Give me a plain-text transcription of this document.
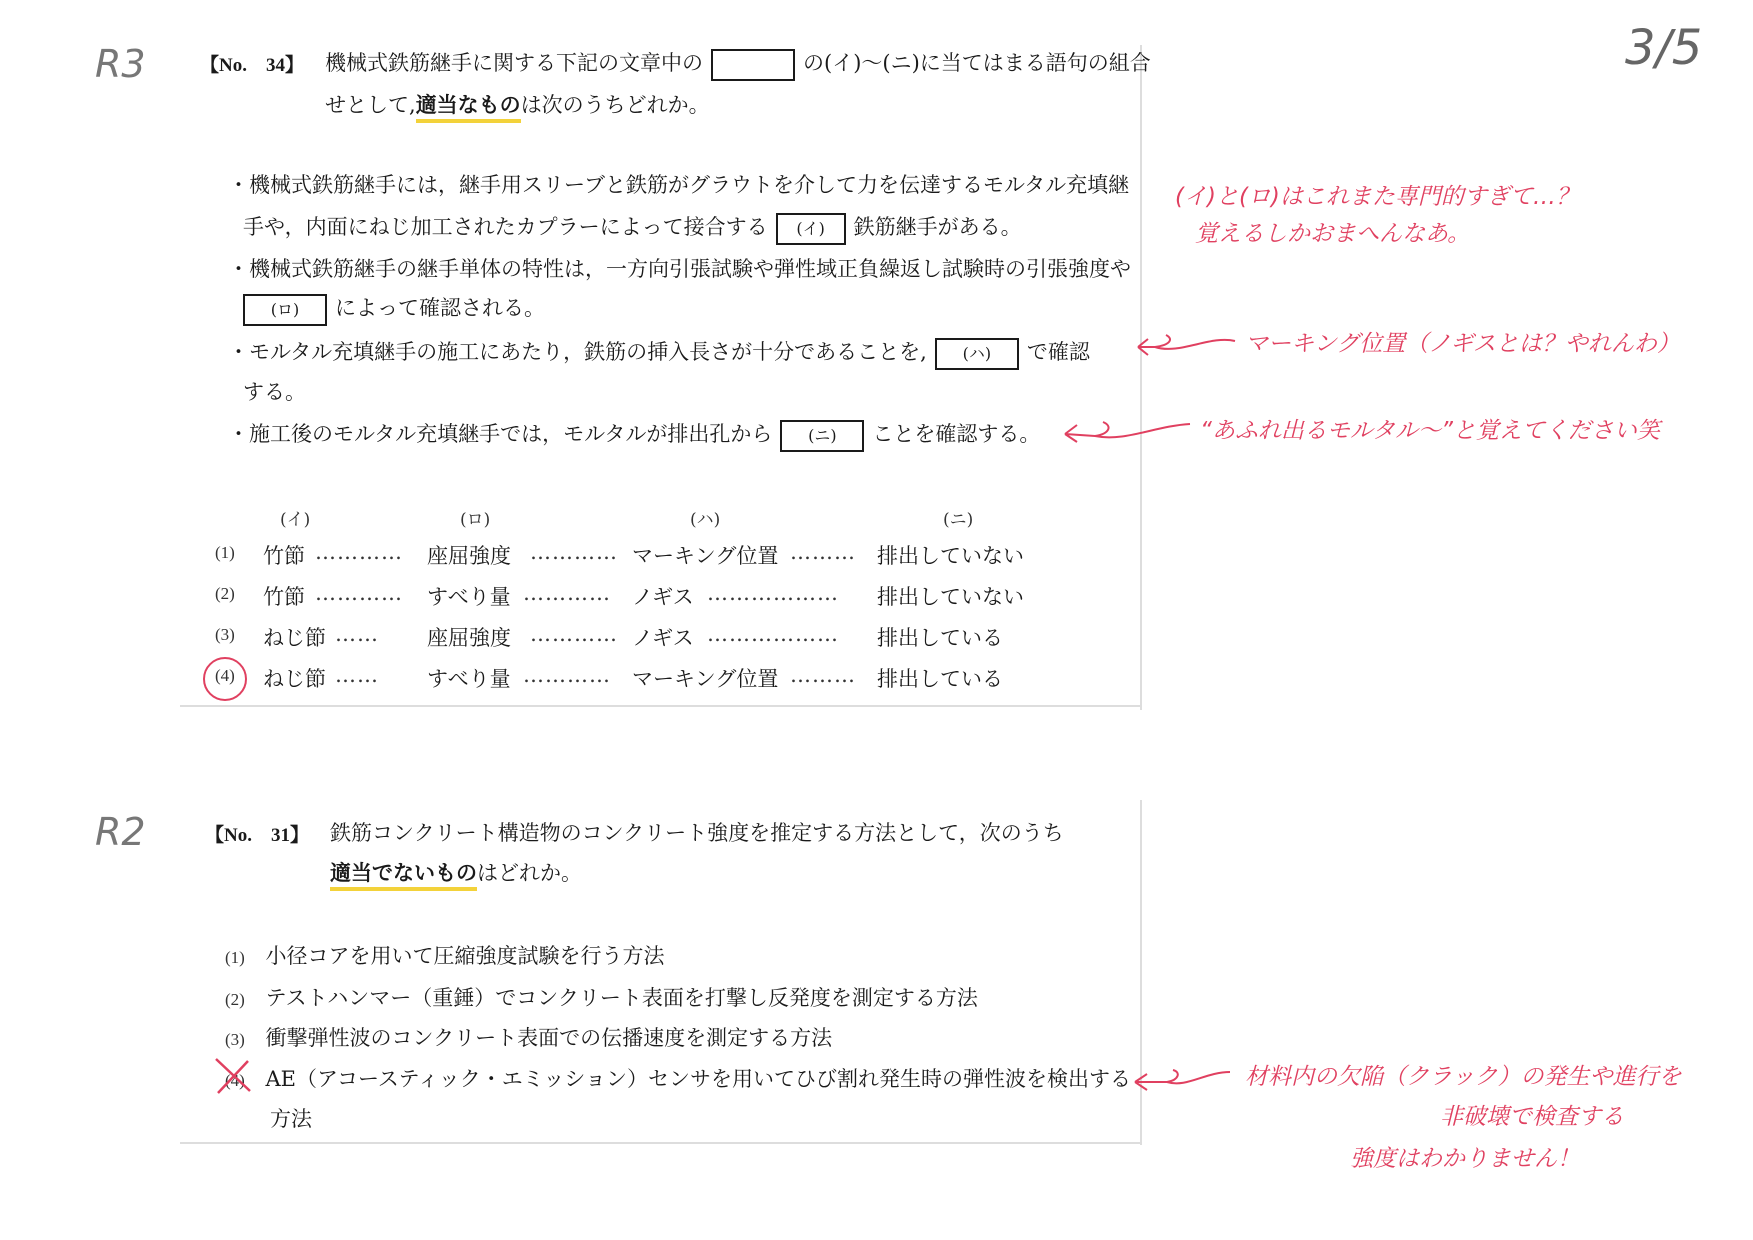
3/5
R3	【No.　34】 機械式鉄筋継手に関する下記の文章中の	の(イ)～(ニ)に当てはまる語句の組合
せとして,適当なものは次のうちどれか。
・機械式鉄筋継手には，継手用スリーブと鉄筋がグラウトを介して力を伝達するモルタル充填継
手や，内面にねじ加工されたカプラーによって接合する (イ) 鉄筋継手がある。
・機械式鉄筋継手の継手単体の特性は，一方向引張試験や弾性域正負繰返し試験時の引張強度や
(ロ) によって確認される。
・モルタル充填継手の施工にあたり，鉄筋の挿入長さが十分であることを, (ハ) で確認
する。
・施工後のモルタル充填継手では，モルタルが排出孔から (ニ) ことを確認する。
(イ)	(ロ)	(ハ)	(ニ)
(1) 竹節 ………… 座屈強度 ………… マーキング位置 ……… 排出していない
(2) 竹節 ………… すべり量 ………… ノギス ……………… 排出していない
(3) ねじ節 …… 座屈強度 ………… ノギス ……………… 排出している
(4) ねじ節 …… すべり量 ………… マーキング位置 ……… 排出している
(イ)と(ロ)はこれまた専門的すぎて…？
覚えるしかおまへんなあ。
マーキング位置（ノギスとは？やれんわ）
“あふれ出るモルタル〜”と覚えてください笑
R2	【No.　31】 鉄筋コンクリート構造物のコンクリート強度を推定する方法として，次のうち
適当でないものはどれか。
(1) 小径コアを用いて圧縮強度試験を行う方法
(2) テストハンマー（重錘）でコンクリート表面を打撃し反発度を測定する方法
(3) 衝撃弾性波のコンクリート表面での伝播速度を測定する方法
(4) AE（アコースティック・エミッション）センサを用いてひび割れ発生時の弾性波を検出する
方法
材料内の欠陥（クラック）の発生や進行を
非破壊で検査する
強度はわかりません！
